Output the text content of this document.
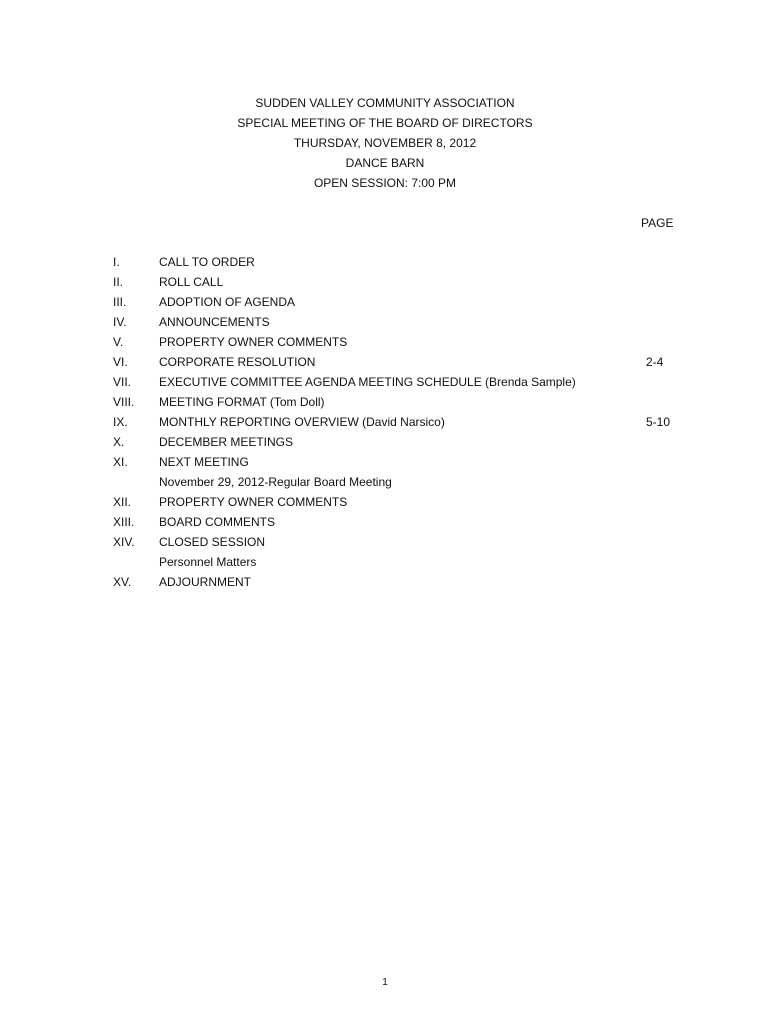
SUDDEN VALLEY COMMUNITY ASSOCIATION
SPECIAL MEETING OF THE BOARD OF DIRECTORS
THURSDAY, NOVEMBER 8, 2012
DANCE BARN
OPEN SESSION: 7:00 PM
PAGE
I.	CALL TO ORDER
II.	ROLL CALL
III.	ADOPTION OF AGENDA
IV.	ANNOUNCEMENTS
V.	PROPERTY OWNER COMMENTS
VI.	CORPORATE RESOLUTION	2-4
VII. EXECUTIVE COMMITTEE AGENDA MEETING SCHEDULE (Brenda Sample)
VIII. MEETING FORMAT (Tom Doll)
IX.	MONTHLY REPORTING OVERVIEW (David Narsico)	5-10
X.	DECEMBER MEETINGS
XI.	NEXT MEETING
November 29, 2012-Regular Board Meeting
XII. PROPERTY OWNER COMMENTS
XIII. BOARD COMMENTS
XIV. CLOSED SESSION
Personnel Matters
XV. ADJOURNMENT
1
